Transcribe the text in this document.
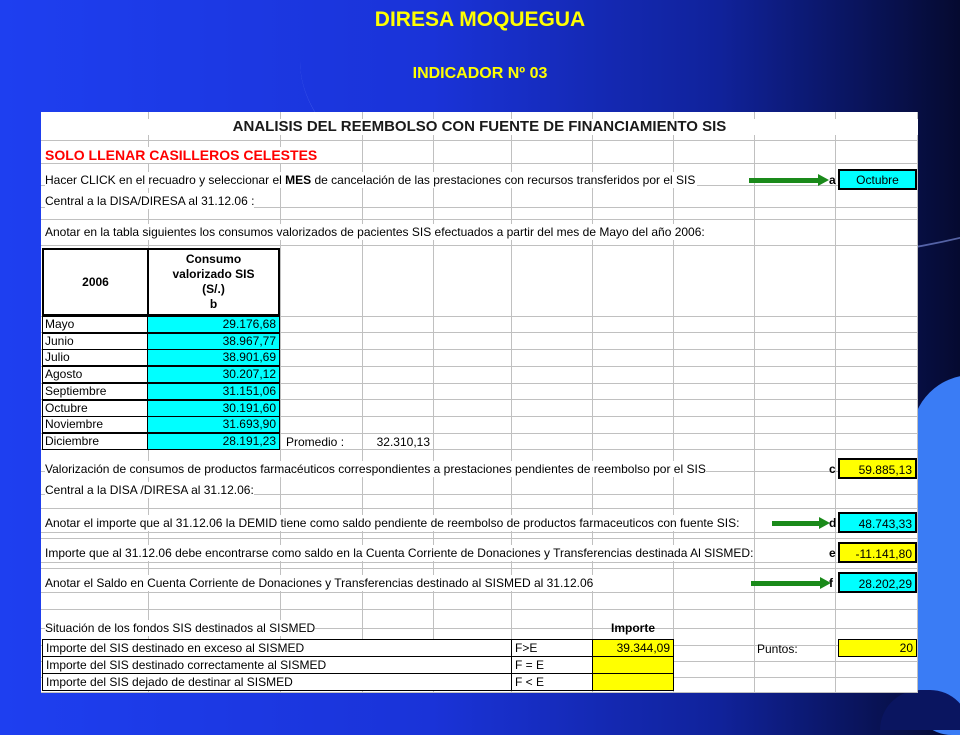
DIRESA MOQUEGUA
INDICADOR Nº 03
ANALISIS DEL REEMBOLSO CON FUENTE DE FINANCIAMIENTO SIS
SOLO LLENAR CASILLEROS CELESTES
Hacer CLICK en el recuadro y seleccionar el MES de cancelación de las prestaciones con recursos transferidos por el SIS	a	Octubre
Central a la DISA/DIRESA al 31.12.06 :
Anotar en la tabla siguientes los consumos valorizados de pacientes SIS efectuados a partir del mes de Mayo del año 2006:
2006
Consumo
valorizado SIS
(S/.)
b
Mayo	29.176,68
Junio	38.967,77
Julio	38.901,69
Agosto	30.207,12
Septiembre	31.151,06
Octubre	30.191,60
Noviembre	31.693,90
Diciembre	28.191,23 Promedio :	32.310,13
Valorización de consumos de productos farmacéuticos correspondientes a prestaciones pendientes de reembolso por el SIS
Central a la DISA /DIRESA al 31.12.06:
c	59.885,13
Anotar el importe que al 31.12.06 la DEMID tiene como saldo pendiente de reembolso de productos farmaceuticos con fuente SIS:	d	48.743,33
Importe que al 31.12.06 debe encontrarse como saldo en la Cuenta Corriente de Donaciones y Transferencias destinada Al SISMED:	e	-11.141,80
Anotar el Saldo en Cuenta Corriente de Donaciones y Transferencias destinado al SISMED al 31.12.06	f	28.202,29
Situación de los fondos SIS destinados al SISMED	Importe
Importe del SIS destinado en exceso al SISMED	F>E	39.344,09
Importe del SIS destinado correctamente al SISMED	F = E
Importe del SIS dejado de destinar al SISMED	F < E
Puntos:	20
